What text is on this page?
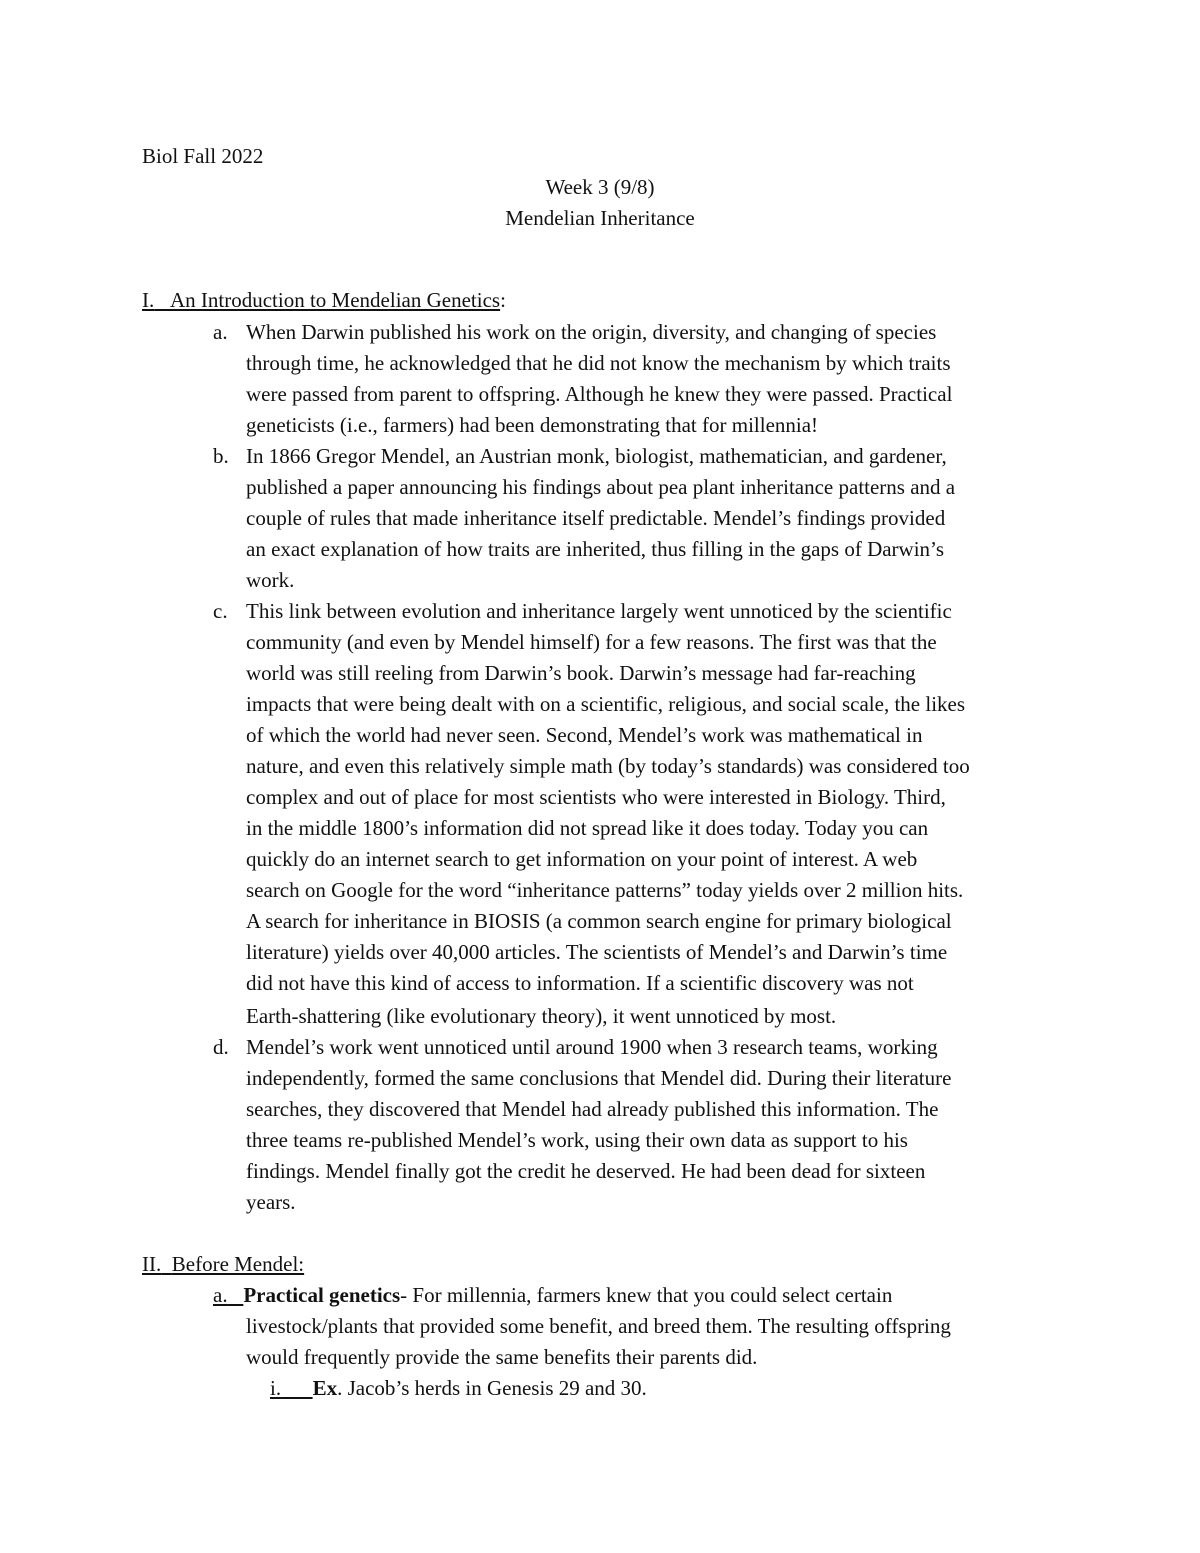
Biol Fall 2022
Week 3 (9/8)
Mendelian Inheritance
I. An Introduction to Mendelian Genetics:
a. When Darwin published his work on the origin, diversity, and changing of species
through time, he acknowledged that he did not know the mechanism by which traits
were passed from parent to offspring. Although he knew they were passed. Practical
geneticists (i.e., farmers) had been demonstrating that for millennia!
b. In 1866 Gregor Mendel, an Austrian monk, biologist, mathematician, and gardener,
published a paper announcing his findings about pea plant inheritance patterns and a
couple of rules that made inheritance itself predictable. Mendel’s findings provided
an exact explanation of how traits are inherited, thus filling in the gaps of Darwin’s
work.
c. This link between evolution and inheritance largely went unnoticed by the scientific
community (and even by Mendel himself) for a few reasons. The first was that the
world was still reeling from Darwin’s book. Darwin’s message had far-reaching
impacts that were being dealt with on a scientific, religious, and social scale, the likes
of which the world had never seen. Second, Mendel’s work was mathematical in
nature, and even this relatively simple math (by today’s standards) was considered too
complex and out of place for most scientists who were interested in Biology. Third,
in the middle 1800’s information did not spread like it does today. Today you can
quickly do an internet search to get information on your point of interest. A web
search on Google for the word “inheritance patterns” today yields over 2 million hits.
A search for inheritance in BIOSIS (a common search engine for primary biological
literature) yields over 40,000 articles. The scientists of Mendel’s and Darwin’s time
did not have this kind of access to information. If a scientific discovery was not
Earth-shattering (like evolutionary theory), it went unnoticed by most.
d. Mendel’s work went unnoticed until around 1900 when 3 research teams, working
independently, formed the same conclusions that Mendel did. During their literature
searches, they discovered that Mendel had already published this information. The
three teams re-published Mendel’s work, using their own data as support to his
findings. Mendel finally got the credit he deserved. He had been dead for sixteen
years.
II. Before Mendel:
a. Practical genetics- For millennia, farmers knew that you could select certain
livestock/plants that provided some benefit, and breed them. The resulting offspring
would frequently provide the same benefits their parents did.
i. Ex. Jacob’s herds in Genesis 29 and 30.
